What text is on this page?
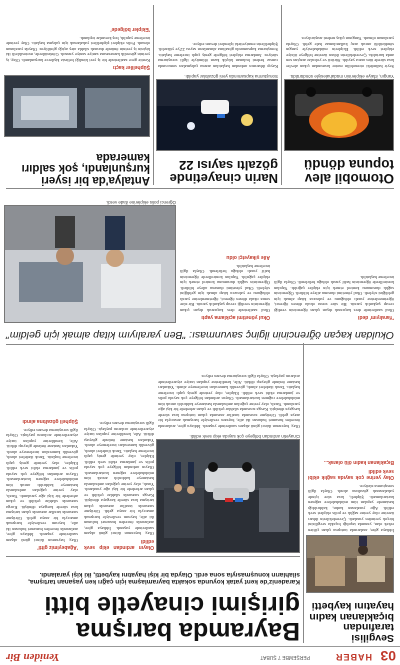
03
HABER
PERŞEMBE 7 ŞUBAT
Yeniden Bir
Bayramda barışma girişimi cinayetle bitti
Karadeniz'de kent yatak koyunda sokakta bayramlaşma için çağrı ken yaşanan tartışma, silahların konuşmasıyla sona erdi. Olayda bir kişi hayatını kaybetti, iki kişi yaralandı.
Cinayetin ardından bölgeye çok sayıda ekip sevk edildi.
Olayın ardından ekip sevk edildi
Olay, bayramın ikinci günü akşam saatlerinde yaşandı. İddiaya göre, aralarında önceden husumet bulunan iki aile, bayram vesilesiyle barışmak amacıyla bir araya geldi. Görüşme sırasında taraflar arasında çıkan tartışma kısa sürede kavgaya dönüştü. Kavga sırasında silahlar çekildi ve çıkan arbedede bir kişi ağır yaralandı. Yaralı, olay yerine çağrılan ambulansla hastaneye kaldırıldı ancak tüm müdahalelere rağmen kurtarılamadı. Olayın ardından bölgeye çok sayıda polis ve jandarma ekibi sevk edildi. Ekipler, olay yerinde geniş çaplı inceleme başlattı. Tanık ifadeleri alındı, güvenlik kameraları incelemeye alındı. Yakınları hastane önünde gözyaşı döktü. Aile, kendilerine yapılan taziye ziyaretlerinde acılarını paylaştı. Olayla ilgili soruşturma devam ediyor.
'Ağabeyimiz gitti'
Olay, bayramın ikinci günü akşam saatlerinde yaşandı. İddiaya göre, aralarında önceden husumet bulunan iki aile, bayram vesilesiyle barışmak amacıyla bir araya geldi. Görüşme sırasında taraflar arasında çıkan tartışma kısa sürede kavgaya dönüştü. Kavga sırasında silahlar çekildi ve çıkan arbedede bir kişi ağır yaralandı. Yaralı, olay yerine çağrılan ambulansla hastaneye kaldırıldı ancak tüm müdahalelere rağmen kurtarılamadı. Olayın ardından bölgeye çok sayıda polis ve jandarma ekibi sevk edildi. Ekipler, olay yerinde geniş çaplı inceleme başlattı. Tanık ifadeleri alındı, güvenlik kameraları incelemeye alındı. Yakınları hastane önünde gözyaşı döktü. Aile, kendilerine yapılan taziye ziyaretlerinde acılarını paylaştı. Olayla ilgili soruşturma devam ediyor.
Şüpheli gözaltına alındı
Olay, bayramın ikinci günü akşam saatlerinde yaşandı. İddiaya göre, aralarında önceden husumet bulunan iki aile, bayram vesilesiyle barışmak amacıyla bir araya geldi. Görüşme sırasında taraflar arasında çıkan tartışma kısa sürede kavgaya dönüştü. Kavga sırasında silahlar çekildi ve çıkan arbedede bir kişi ağır yaralandı. Yaralı, olay yerine çağrılan ambulansla hastaneye kaldırıldı ancak tüm müdahalelere rağmen kurtarılamadı. Olayın ardından bölgeye çok sayıda polis ve jandarma ekibi sevk edildi. Ekipler, olay yerinde geniş çaplı inceleme başlattı. Tanık ifadeleri alındı, güvenlik kameraları incelemeye alındı. Yakınları hastane önünde gözyaşı döktü. Aile, kendilerine yapılan taziye ziyaretlerinde acılarını paylaştı. Olayla ilgili soruşturma devam ediyor.
Sevgilisi tarafından bıçaklanan kadın hayatını kaybetti
İddiaya göre, aralarında tartışma çıkan çiftten erkek olan, yanında taşıdığı bıçakla sevgilisini birçok yerinden yaraladı. Çevredekilerin ihbarı üzerine olay yerine sağlık ve polis ekipleri sevk edildi. Ağır yaralanan kadın, kaldırıldığı hastanede yapılan tüm müdahalelere rağmen kurtarılamadı. Şüpheli, kısa süre içinde yakalanarak gözaltına alındı. Olayla ilgili soruşturma sürüyor.
Olay yerine çok sayıda sağlık ekibi sevk edildi
Bıçaklanan kadın ölü olarak...
Okuldan kaçan öğrencinin ilginç savunması: "Ben yaralıyım kitap almak için geldim"
'Yaralıyım' dedi
Okul saatlerinde ders kaçırarak dışarı çıkan öğrencinin verdiği cevap şaşkınlık yarattı. Bir süre sonra okula dönen öğrenci, öğretmenlerine yaralı olduğunu ve yalnızca kitap almak için geldiğini söyledi. Okul yönetimi durumu aileye bildirdi. Öğrencinin sağlık durumunu kontrol etmek için ekipler çağrıldı. Yapılan kontrollerde öğrencinin hafif yaralı olduğu belirlendi. Olayla ilgili inceleme başlatıldı.
Okul yönetimi açıklama yaptı
Okul saatlerinde ders kaçırarak dışarı çıkan öğrencinin verdiği cevap şaşkınlık yarattı. Bir süre sonra okula dönen öğrenci, öğretmenlerine yaralı olduğunu ve yalnızca kitap almak için geldiğini söyledi. Okul yönetimi durumu aileye bildirdi. Öğrencinin sağlık durumunu kontrol etmek için ekipler çağrıldı. Yapılan kontrollerde öğrencinin hafif yaralı olduğu belirlendi. Olayla ilgili inceleme başlatıldı.
Aile şikayetçi oldu
Öğrenci polis ekiplerine ifade verdi.
Otomobil alev topuna döndü
Yangın, itfaiye ekiplerinin müdahalesiyle söndürüldü.
Seyir halindeki otomobilin motor kısmından çıkan alevler kısa sürede tüm araca yayıldı. Sürücü ve yolcular araçtan son anda kurtuldu. Çevredekilerin ihbarı üzerine bölgeye itfaiye ekipleri sevk edildi. Ekiplerin müdahalesiyle yangın söndürüldü ancak araç kullanılamaz hale geldi. Olayda yaralanan olmadı. Yangının çıkış nedeni araştırılıyor.
Narin cinayetinde gözaltı sayısı 22
Soruşturma kapsamında yeni gözaltılar yapıldı.
Kayıp ihbarının ardından başlatılan arama çalışmaları sonucunda cansız bedeni bulunan küçük kızın ölümüyle ilgili soruşturma sürüyor. Jandarma ekipleri bölgede geniş çaplı inceleme başlattı. Soruşturma kapsamında gözaltına alınanların sayısı 22'ye yükseldi. Şüphelilerin emniyetteki işlemleri devam ediyor.
Antalya'da bir isyeri kurşunlandı, şok saldırı kamerada
Şüpheliler kaçtı
Kentte gece saatlerinde bir iş yeri kimliği belirsiz kişilerce kurşunlandı. Olay, iş yerinin güvenlik kamerasına saniye saniye yansıdı. Görüntülerde, motosikletli iki kişinin iş yerinin önünde durarak silahla ateş açtığı görülüyor. Olayda yaralanan olmadı. Polis ekipleri şüphelileri yakalamak için çalışma başlattı. Olay yerinde inceleme yapıldı, boş kovanlar toplandı.
'Ekipler bölgede'
